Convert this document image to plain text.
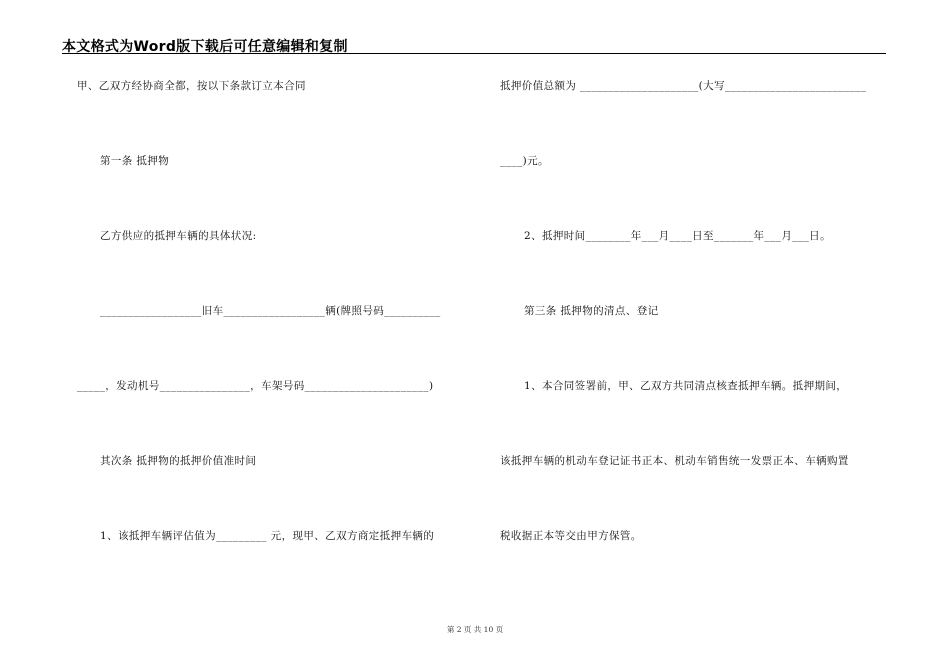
本文格式为Word版下载后可任意编辑和复制
甲、乙双方经协商全都，按以下条款订立本合同
第一条 抵押物
乙方供应的抵押车辆的具体状况:
__________________旧车__________________辆(牌照号码__________
_____，发动机号________________，车架号码______________________)
其次条 抵押物的抵押价值准时间
1、该抵押车辆评估值为_________ 元，现甲、乙双方商定抵押车辆的
抵押价值总额为 _____________________(大写_________________________
____)元。
2、抵押时间________年___月____日至_______年___月___日。
第三条 抵押物的清点、登记
1、本合同签署前，甲、乙双方共同清点核查抵押车辆。抵押期间，
该抵押车辆的机动车登记证书正本、机动车销售统一发票正本、车辆购置
税收据正本等交由甲方保管。
第 2 页 共 10 页
